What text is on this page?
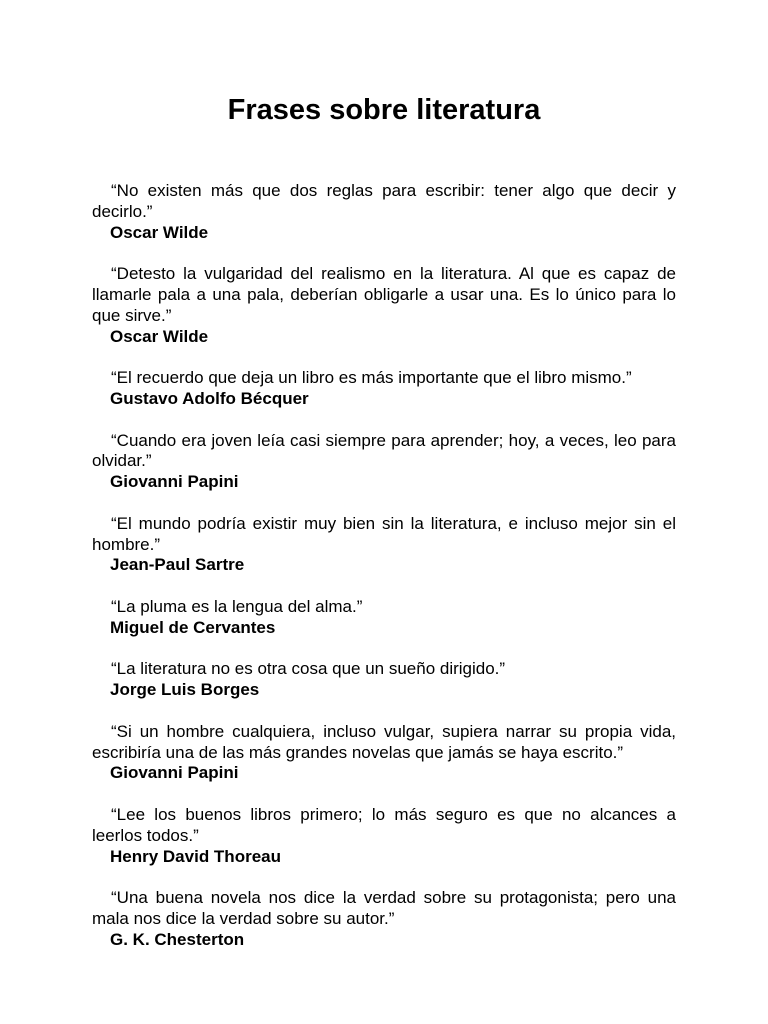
Frases sobre literatura

“No existen más que dos reglas para escribir: tener algo que decir y decirlo.”

Oscar Wilde

“Detesto la vulgaridad del realismo en la literatura. Al que es capaz de llamarle pala a una pala, deberían obligarle a usar una. Es lo único para lo que sirve.”

Oscar Wilde

“El recuerdo que deja un libro es más importante que el libro mismo.”

Gustavo Adolfo Bécquer

“Cuando era joven leía casi siempre para aprender; hoy, a veces, leo para olvidar.”

Giovanni Papini

“El mundo podría existir muy bien sin la literatura, e incluso mejor sin el hombre.”

Jean-Paul Sartre

“La pluma es la lengua del alma.”

Miguel de Cervantes

“La literatura no es otra cosa que un sueño dirigido.”

Jorge Luis Borges

“Si un hombre cualquiera, incluso vulgar, supiera narrar su propia vida, escribiría una de las más grandes novelas que jamás se haya escrito.”

Giovanni Papini

“Lee los buenos libros primero; lo más seguro es que no alcances a leerlos todos.”

Henry David Thoreau

“Una buena novela nos dice la verdad sobre su protagonista; pero una mala nos dice la verdad sobre su autor.”

G. K. Chesterton
